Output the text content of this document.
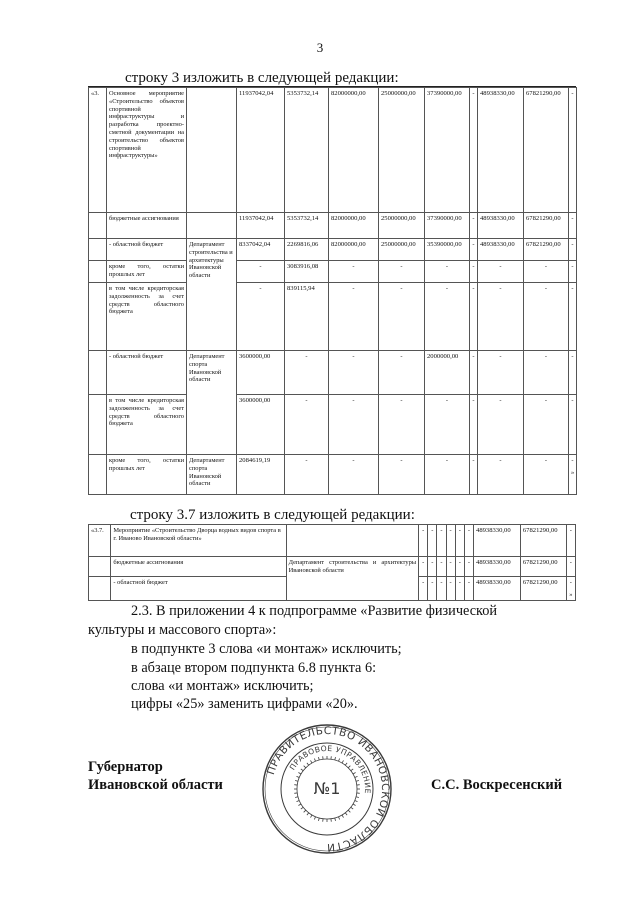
3
строку 3 изложить в следующей редакции:
«3.	Основное мероприятие «Строительство объектов спортивной инфраструктуры и разработка проектно-сметной документации на строительство объектов спортивной инфраструктуры»		11937042,04	5353732,14	82000000,00	25000000,00	37390000,00	-	48938330,00	67821290,00	-
	бюджетные ассигнования		11937042,04	5353732,14	82000000,00	25000000,00	37390000,00	-	48938330,00	67821290,00	-
	- областной бюджет	Департамент строительства и архитектуры Ивановской области	8337042,04	2269816,06	82000000,00	25000000,00	35390000,00	-	48938330,00	67821290,00	-
	кроме того, остатки прошлых лет		-	3083916,08	-	-	-	-	-	-	-
	в том числе кредиторская задолженность за счет средств областного бюджета		-	839115,94	-	-	-	-	-	-	-
	- областной бюджет	Департамент спорта Ивановской области	3600000,00	-	-	-	2000000,00	-	-	-	-
	в том числе кредиторская задолженность за счет средств областного бюджета		3600000,00	-	-	-	-	-	-	-	-
	кроме того, остатки прошлых лет	Департамент спорта Ивановской области	2084619,19	-	-	-	-	-	-	-	-
»
строку 3.7 изложить в следующей редакции:
«3.7.	Мероприятие «Строительство Дворца водных видов спорта в г. Иваново Ивановской области»		-	-	-	-	-	-	48938330,00	67821290,00	-
	бюджетные ассигнования	Департамент строительства и архитектуры Ивановской области	-	-	-	-	-	-	48938330,00	67821290,00	-
	- областной бюджет		-	-	-	-	-	-	48938330,00	67821290,00	-
»
2.3. В приложении 4 к подпрограмме «Развитие физической
культуры и массового спорта»:
в подпункте 3 слова «и монтаж» исключить;
в абзаце втором подпункта 6.8 пункта 6:
слова «и монтаж» исключить;
цифры «25» заменить цифрами «20».
Губернатор
Ивановской области	С.С. Воскресенский
ПРАВИТЕЛЬСТВО ИВАНОВСКОЙ ОБЛАСТИ
ПРАВОВОЕ УПРАВЛЕНИЕ
№1
